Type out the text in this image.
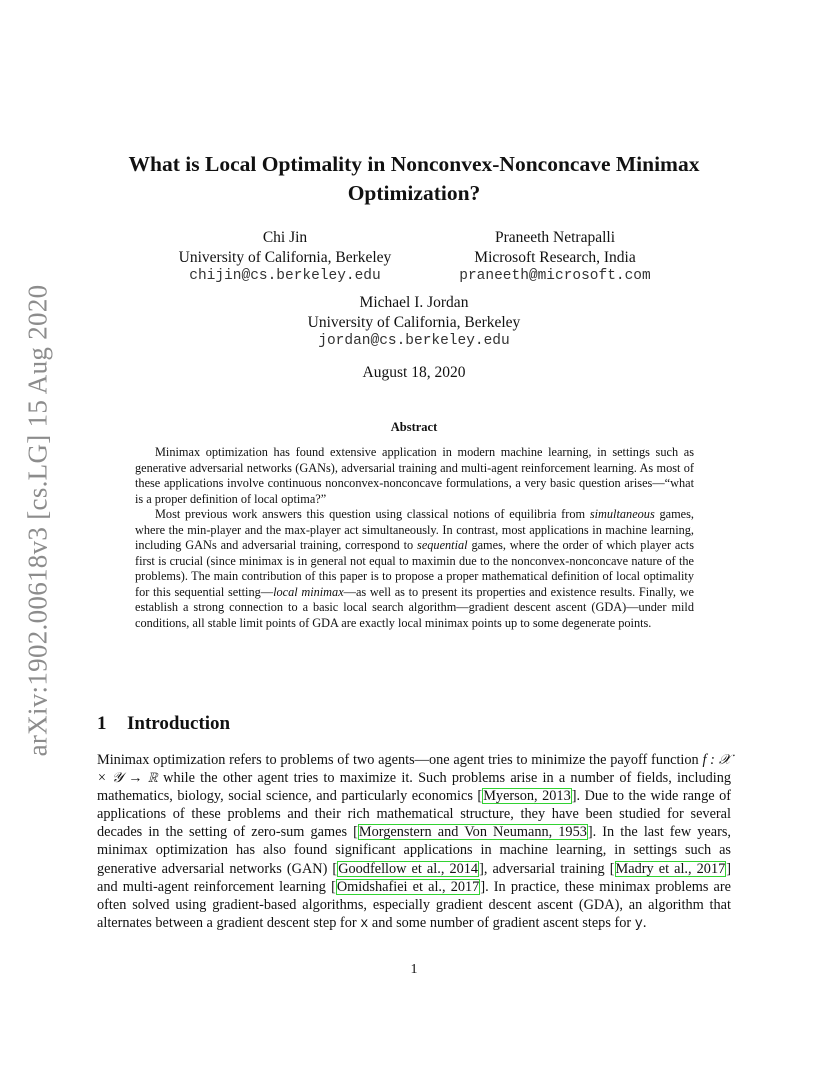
arXiv:1902.00618v3 [cs.LG] 15 Aug 2020
What is Local Optimality in Nonconvex-Nonconcave Minimax Optimization?
Chi Jin
University of California, Berkeley
chijin@cs.berkeley.edu
Praneeth Netrapalli
Microsoft Research, India
praneeth@microsoft.com
Michael I. Jordan
University of California, Berkeley
jordan@cs.berkeley.edu
August 18, 2020
Abstract

Minimax optimization has found extensive application in modern machine learning, in settings such as generative adversarial networks (GANs), adversarial training and multi-agent reinforcement learning. As most of these applications involve continuous nonconvex-nonconcave formulations, a very basic question arises—“what is a proper definition of local optima?”

Most previous work answers this question using classical notions of equilibria from simultaneous games, where the min-player and the max-player act simultaneously. In contrast, most applications in machine learning, including GANs and adversarial training, correspond to sequential games, where the order of which player acts first is crucial (since minimax is in general not equal to maximin due to the nonconvex-nonconcave nature of the problems). The main contribution of this paper is to propose a proper mathematical definition of local optimality for this sequential setting—local minimax—as well as to present its properties and existence results. Finally, we establish a strong connection to a basic local search algorithm—gradient descent ascent (GDA)—under mild conditions, all stable limit points of GDA are exactly local minimax points up to some degenerate points.

1 Introduction

Minimax optimization refers to problems of two agents—one agent tries to minimize the payoff function f : 𝒳 × 𝒴 → ℝ while the other agent tries to maximize it. Such problems arise in a number of fields, including mathematics, biology, social science, and particularly economics [Myerson, 2013]. Due to the wide range of applications of these problems and their rich mathematical structure, they have been studied for several decades in the setting of zero-sum games [Morgenstern and Von Neumann, 1953]. In the last few years, minimax optimization has also found significant applications in machine learning, in settings such as generative adversarial networks (GAN) [Goodfellow et al., 2014], adversarial training [Madry et al., 2017] and multi-agent reinforcement learning [Omidshafiei et al., 2017]. In practice, these minimax problems are often solved using gradient-based algorithms, especially gradient descent ascent (GDA), an algorithm that alternates between a gradient descent step for x and some number of gradient ascent steps for y.

1
